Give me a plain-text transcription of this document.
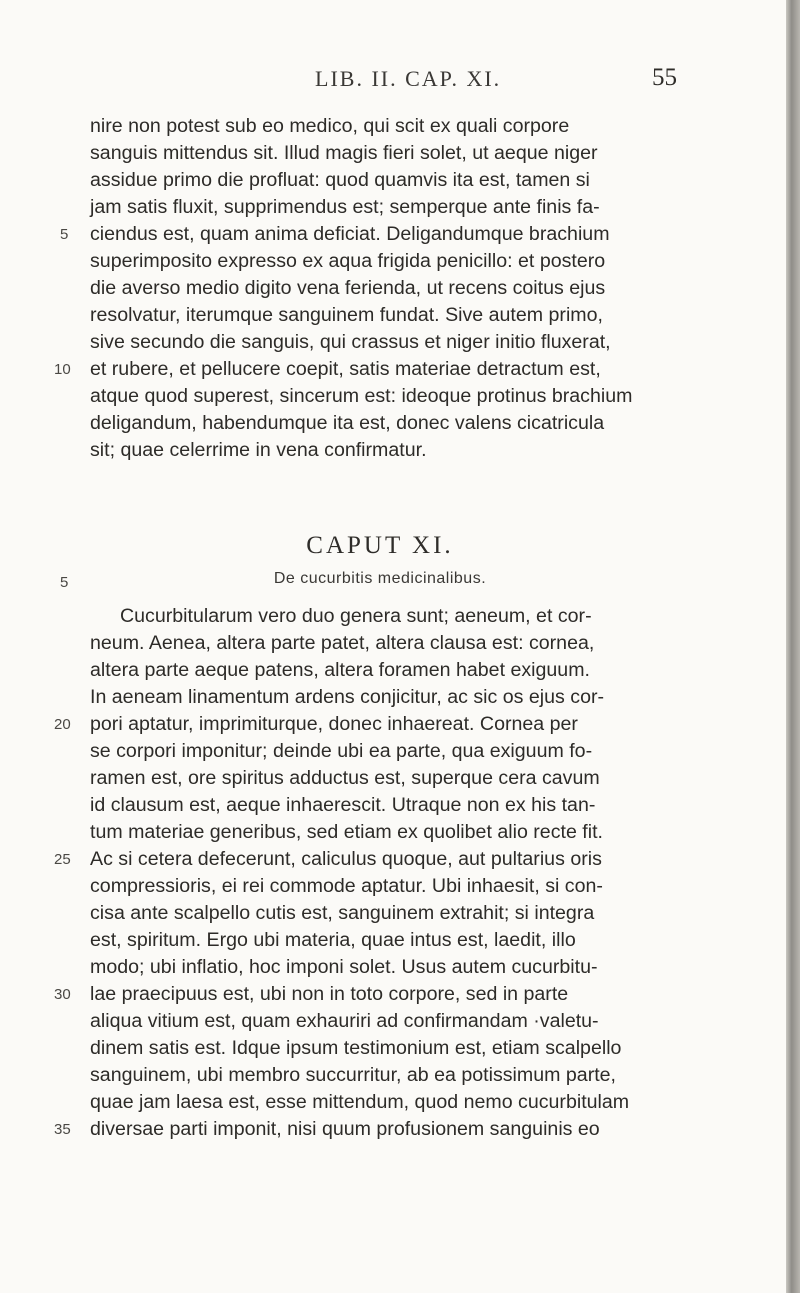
LIB. II. CAP. XI.	55
nire non potest sub eo medico, qui scit ex quali corpore
sanguis mittendus sit. Illud magis fieri solet, ut aeque niger
assidue primo die profluat: quod quamvis ita est, tamen si
jam satis fluxit, supprimendus est; semperque ante finis fa-
ciendus est, quam anima deficiat. Deligandumque brachium
superimposito expresso ex aqua frigida penicillo: et postero
die averso medio digito vena ferienda, ut recens coitus ejus
resolvatur, iterumque sanguinem fundat. Sive autem primo,
sive secundo die sanguis, qui crassus et niger initio fluxerat,
et rubere, et pellucere coepit, satis materiae detractum est,
atque quod superest, sincerum est: ideoque protinus brachium
deligandum, habendumque ita est, donec valens cicatricula
sit; quae celerrime in vena confirmatur.
CAPUT XI.
De cucurbitis medicinalibus.
Cucurbitularum vero duo genera sunt; aeneum, et cor-
neum. Aenea, altera parte patet, altera clausa est: cornea,
altera parte aeque patens, altera foramen habet exiguum.
In aeneam linamentum ardens conjicitur, ac sic os ejus cor-
pori aptatur, imprimiturque, donec inhaereat. Cornea per
se corpori imponitur; deinde ubi ea parte, qua exiguum fo-
ramen est, ore spiritus adductus est, superque cera cavum
id clausum est, aeque inhaerescit. Utraque non ex his tan-
tum materiae generibus, sed etiam ex quolibet alio recte fit.
Ac si cetera defecerunt, caliculus quoque, aut pultarius oris
compressioris, ei rei commode aptatur. Ubi inhaesit, si con-
cisa ante scalpello cutis est, sanguinem extrahit; si integra
est, spiritum. Ergo ubi materia, quae intus est, laedit, illo
modo; ubi inflatio, hoc imponi solet. Usus autem cucurbitu-
lae praecipuus est, ubi non in toto corpore, sed in parte
aliqua vitium est, quam exhauriri ad confirmandam ·valetu-
dinem satis est. Idque ipsum testimonium est, etiam scalpello
sanguinem, ubi membro succurritur, ab ea potissimum parte,
quae jam laesa est, esse mittendum, quod nemo cucurbitulam
diversae parti imponit, nisi quum profusionem sanguinis eo
5
10
5
20
25
30
35
